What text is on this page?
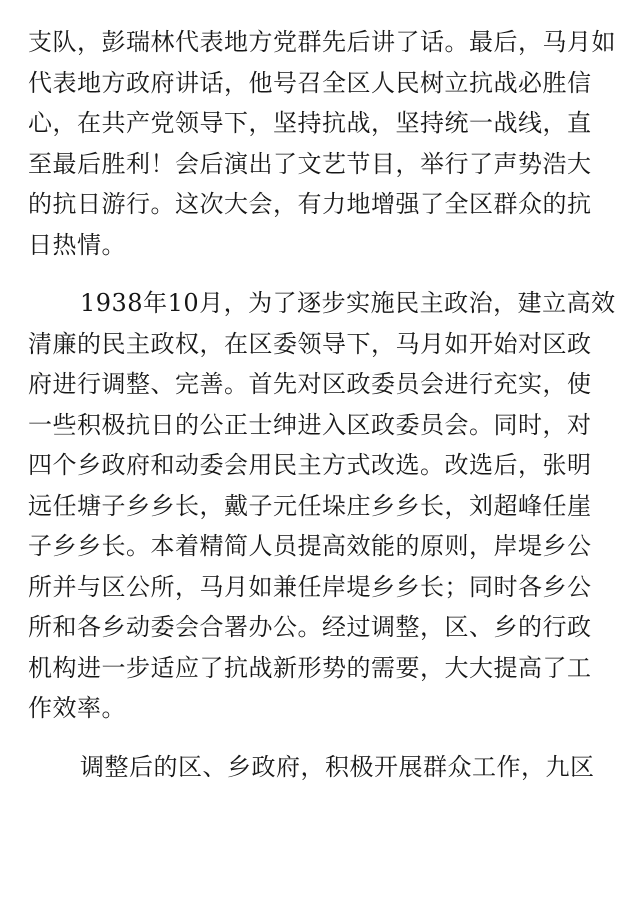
支队，彭瑞林代表地方党群先后讲了话。最后，马月如
代表地方政府讲话，他号召全区人民树立抗战必胜信
心，在共产党领导下，坚持抗战，坚持统一战线，直
至最后胜利！会后演出了文艺节目，举行了声势浩大
的抗日游行。这次大会，有力地增强了全区群众的抗
日热情。
1938年10月，为了逐步实施民主政治，建立高效
清廉的民主政权，在区委领导下，马月如开始对区政
府进行调整、完善。首先对区政委员会进行充实，使
一些积极抗日的公正士绅进入区政委员会。同时，对
四个乡政府和动委会用民主方式改选。改选后，张明
远任塘子乡乡长，戴子元任垛庄乡乡长，刘超峰任崖
子乡乡长。本着精简人员提高效能的原则，岸堤乡公
所并与区公所，马月如兼任岸堤乡乡长；同时各乡公
所和各乡动委会合署办公。经过调整，区、乡的行政
机构进一步适应了抗战新形势的需要，大大提高了工
作效率。
调整后的区、乡政府，积极开展群众工作，九区
